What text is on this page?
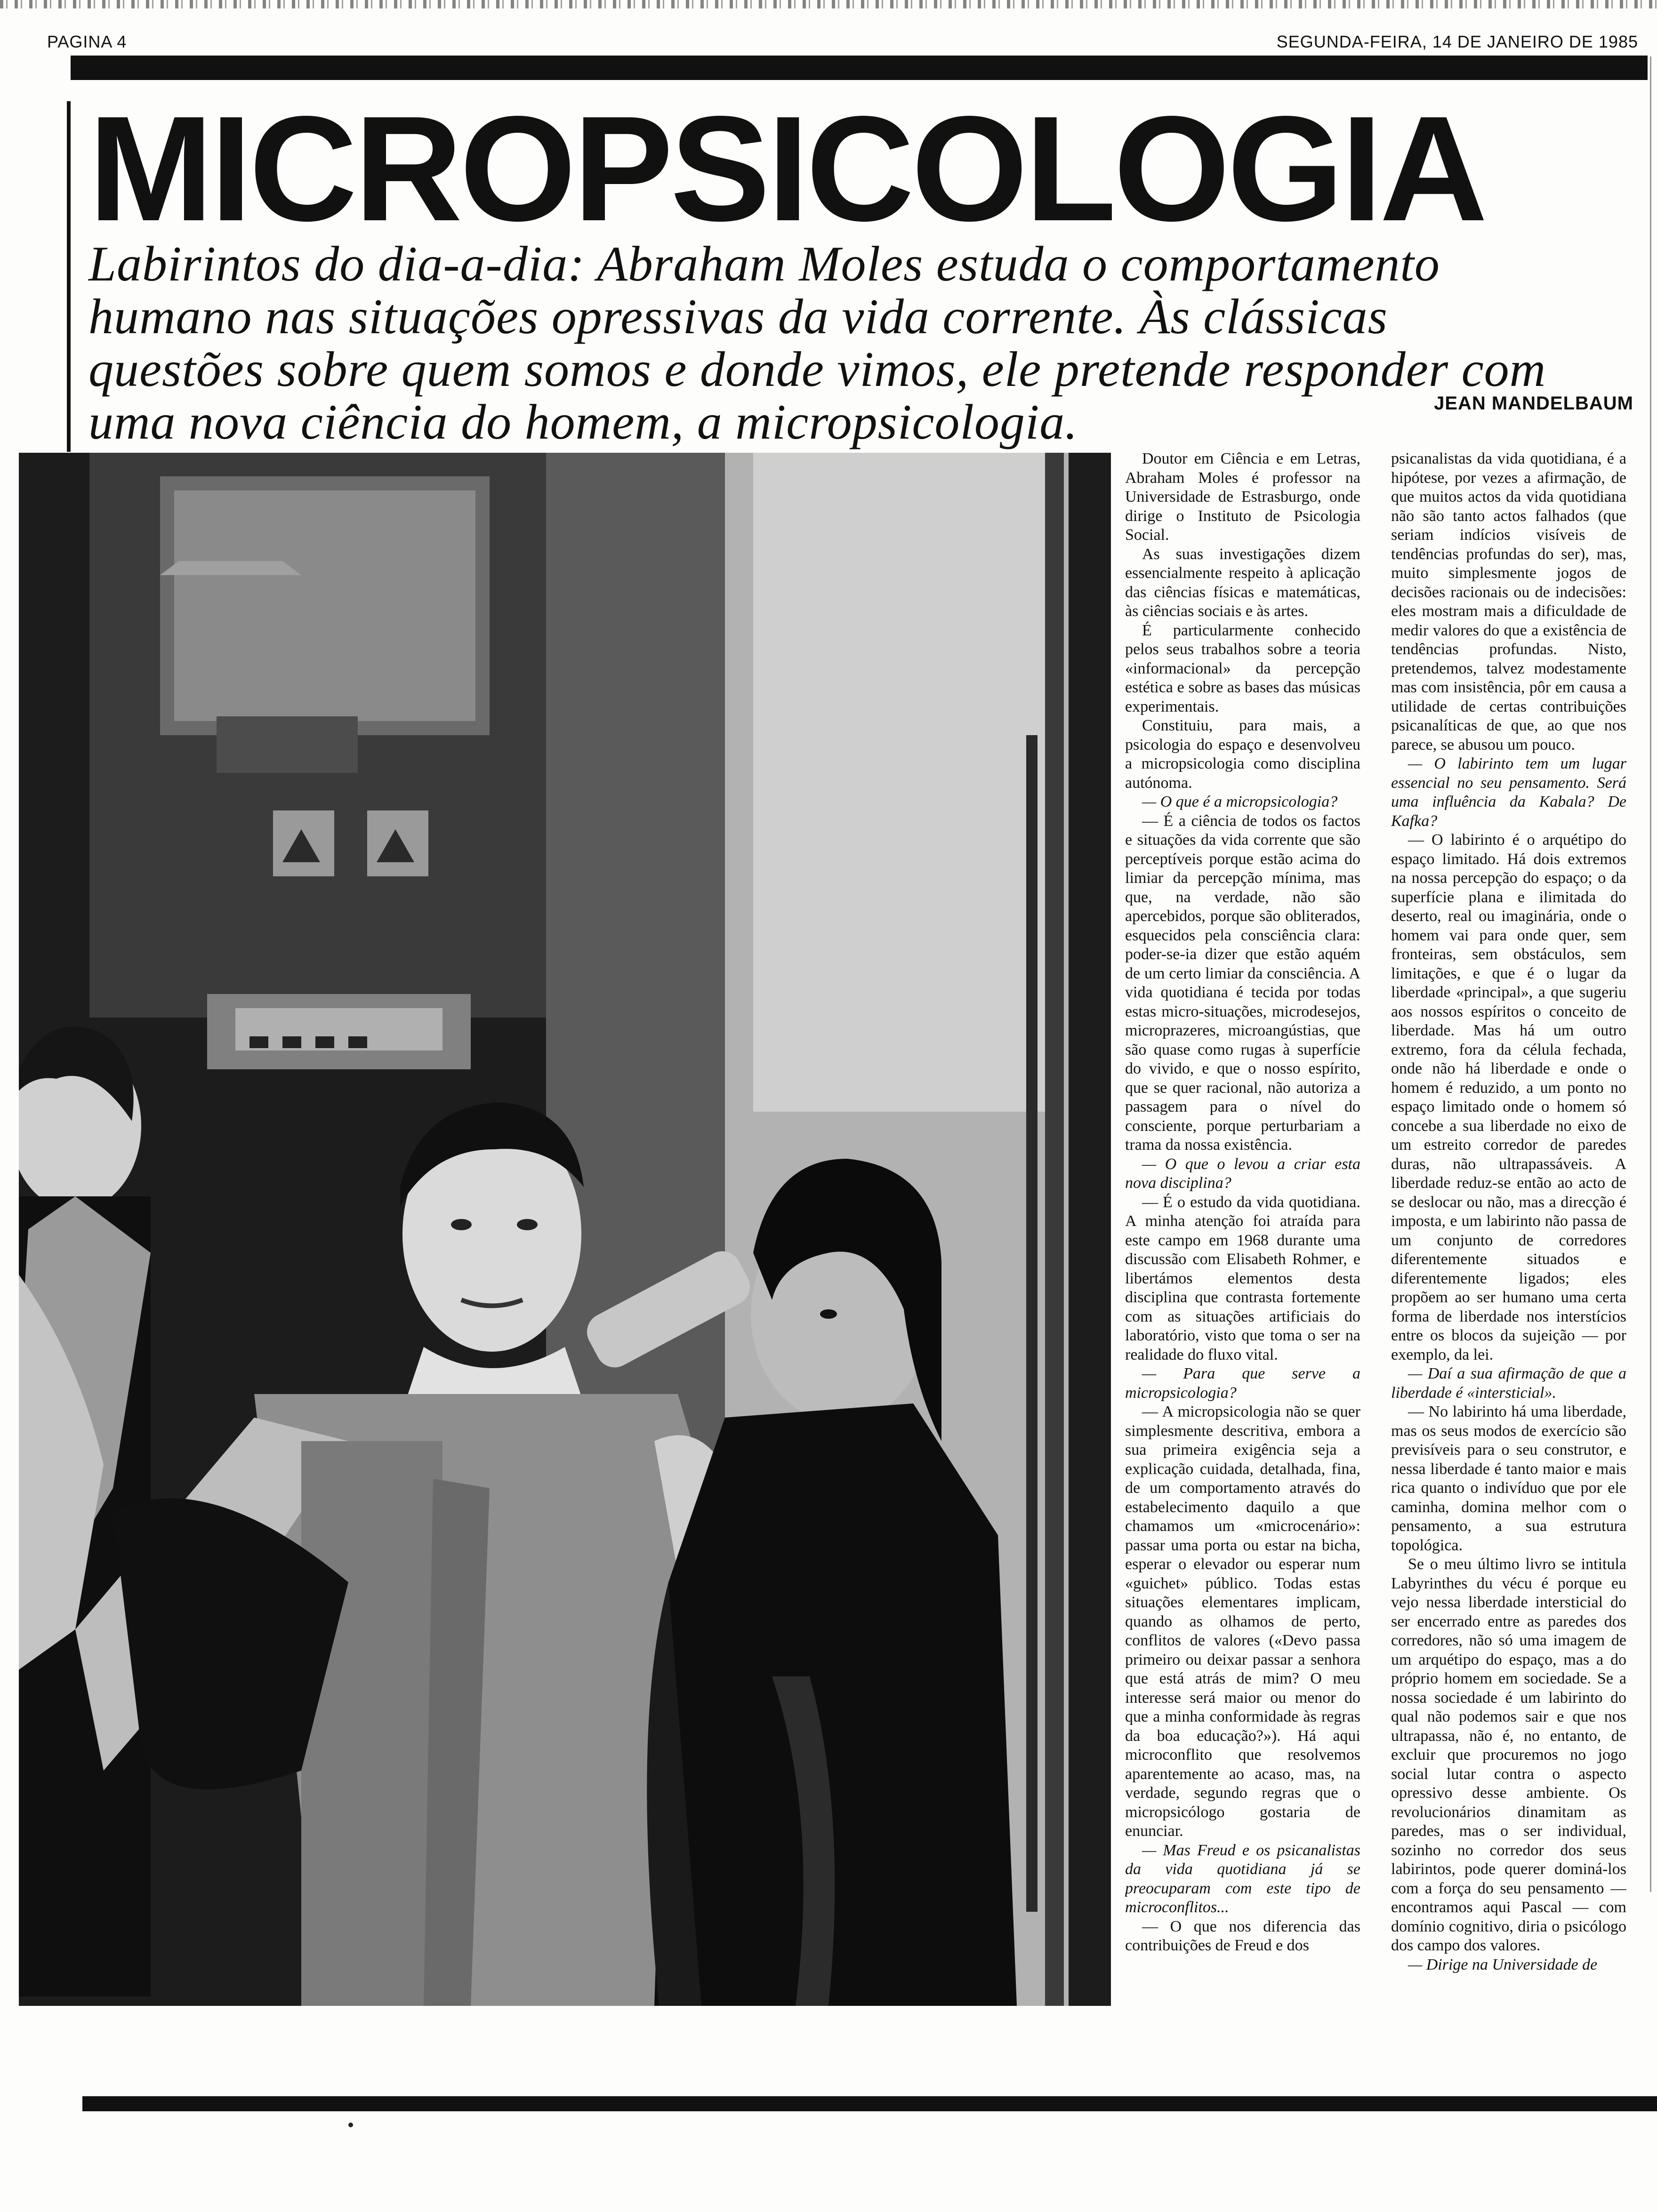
PAGINA 4	SEGUNDA-FEIRA, 14 DE JANEIRO DE 1985
MICROPSICOLOGIA

Labirintos do dia-a-dia: Abraham Moles estuda o comportamento humano nas situações opressivas da vida corrente. Às clássicas questões sobre quem somos e donde vimos, ele pretende responder com uma nova ciência do homem, a micropsicologia.	JEAN MANDELBAUM

Doutor em Ciência e em Letras, Abraham Moles é professor na Universidade de Estrasburgo, onde dirige o Instituto de Psicologia Social.

As suas investigações dizem essencialmente respeito à aplicação das ciências físicas e matemáticas, às ciências sociais e às artes.

É particularmente conhecido pelos seus trabalhos sobre a teoria «informacional» da percepção estética e sobre as bases das músicas experimentais.

Constituiu, para mais, a psicologia do espaço e desenvolveu a micropsicologia como disciplina autónoma.

— O que é a micropsicologia?

— É a ciência de todos os factos e situações da vida corrente que são perceptíveis porque estão acima do limiar da percepção mínima, mas que, na verdade, não são apercebidos, porque são obliterados, esquecidos pela consciência clara: poder-se-ia dizer que estão aquém de um certo limiar da consciência. A vida quotidiana é tecida por todas estas micro-situações, microdesejos, microprazeres, microangústias, que são quase como rugas à superfície do vivido, e que o nosso espírito, que se quer racional, não autoriza a passagem para o nível do consciente, porque perturbariam a trama da nossa existência.

— O que o levou a criar esta nova disciplina?

— É o estudo da vida quotidiana. A minha atenção foi atraída para este campo em 1968 durante uma discussão com Elisabeth Rohmer, e libertámos elementos desta disciplina que contrasta fortemente com as situações artificiais do laboratório, visto que toma o ser na realidade do fluxo vital.

— Para que serve a micropsicologia?

— A micropsicologia não se quer simplesmente descritiva, embora a sua primeira exigência seja a explicação cuidada, detalhada, fina, de um comportamento através do estabelecimento daquilo a que chamamos um «microcenário»: passar uma porta ou estar na bicha, esperar o elevador ou esperar num «guichet» público. Todas estas situações elementares implicam, quando as olhamos de perto, conflitos de valores («Devo passa primeiro ou deixar passar a senhora que está atrás de mim? O meu interesse será maior ou menor do que a minha conformidade às regras da boa educação?»). Há aqui microconflito que resolvemos aparentemente ao acaso, mas, na verdade, segundo regras que o micropsicólogo gostaria de enunciar.

— Mas Freud e os psicanalistas da vida quotidiana já se preocuparam com este tipo de microconflitos...

— O que nos diferencia das contribuições de Freud e dos

psicanalistas da vida quotidiana, é a hipótese, por vezes a afirmação, de que muitos actos da vida quotidiana não são tanto actos falhados (que seriam indícios visíveis de tendências profundas do ser), mas, muito simplesmente jogos de decisões racionais ou de indecisões: eles mostram mais a dificuldade de medir valores do que a existência de tendências profundas. Nisto, pretendemos, talvez modestamente mas com insistência, pôr em causa a utilidade de certas contribuições psicanalíticas de que, ao que nos parece, se abusou um pouco.

— O labirinto tem um lugar essencial no seu pensamento. Será uma influência da Kabala? De Kafka?

— O labirinto é o arquétipo do espaço limitado. Há dois extremos na nossa percepção do espaço; o da superfície plana e ilimitada do deserto, real ou imaginária, onde o homem vai para onde quer, sem fronteiras, sem obstáculos, sem limitações, e que é o lugar da liberdade «principal», a que sugeriu aos nossos espíritos o conceito de liberdade. Mas há um outro extremo, fora da célula fechada, onde não há liberdade e onde o homem é reduzido, a um ponto no espaço limitado onde o homem só concebe a sua liberdade no eixo de um estreito corredor de paredes duras, não ultrapassáveis. A liberdade reduz-se então ao acto de se deslocar ou não, mas a direcção é imposta, e um labirinto não passa de um conjunto de corredores diferentemente situados e diferentemente ligados; eles propõem ao ser humano uma certa forma de liberdade nos interstícios entre os blocos da sujeição — por exemplo, da lei.

— Daí a sua afirmação de que a liberdade é «intersticial».

— No labirinto há uma liberdade, mas os seus modos de exercício são previsíveis para o seu construtor, e nessa liberdade é tanto maior e mais rica quanto o indivíduo que por ele caminha, domina melhor com o pensamento, a sua estrutura topológica.

Se o meu último livro se intitula Labyrinthes du vécu é porque eu vejo nessa liberdade intersticial do ser encerrado entre as paredes dos corredores, não só uma imagem de um arquétipo do espaço, mas a do próprio homem em sociedade. Se a nossa sociedade é um labirinto do qual não podemos sair e que nos ultrapassa, não é, no entanto, de excluir que procuremos no jogo social lutar contra o aspecto opressivo desse ambiente. Os revolucionários dinamitam as paredes, mas o ser individual, sozinho no corredor dos seus labirintos, pode querer dominá-los com a força do seu pensamento — encontramos aqui Pascal — com domínio cognitivo, diria o psicólogo dos campo dos valores.

— Dirige na Universidade de
